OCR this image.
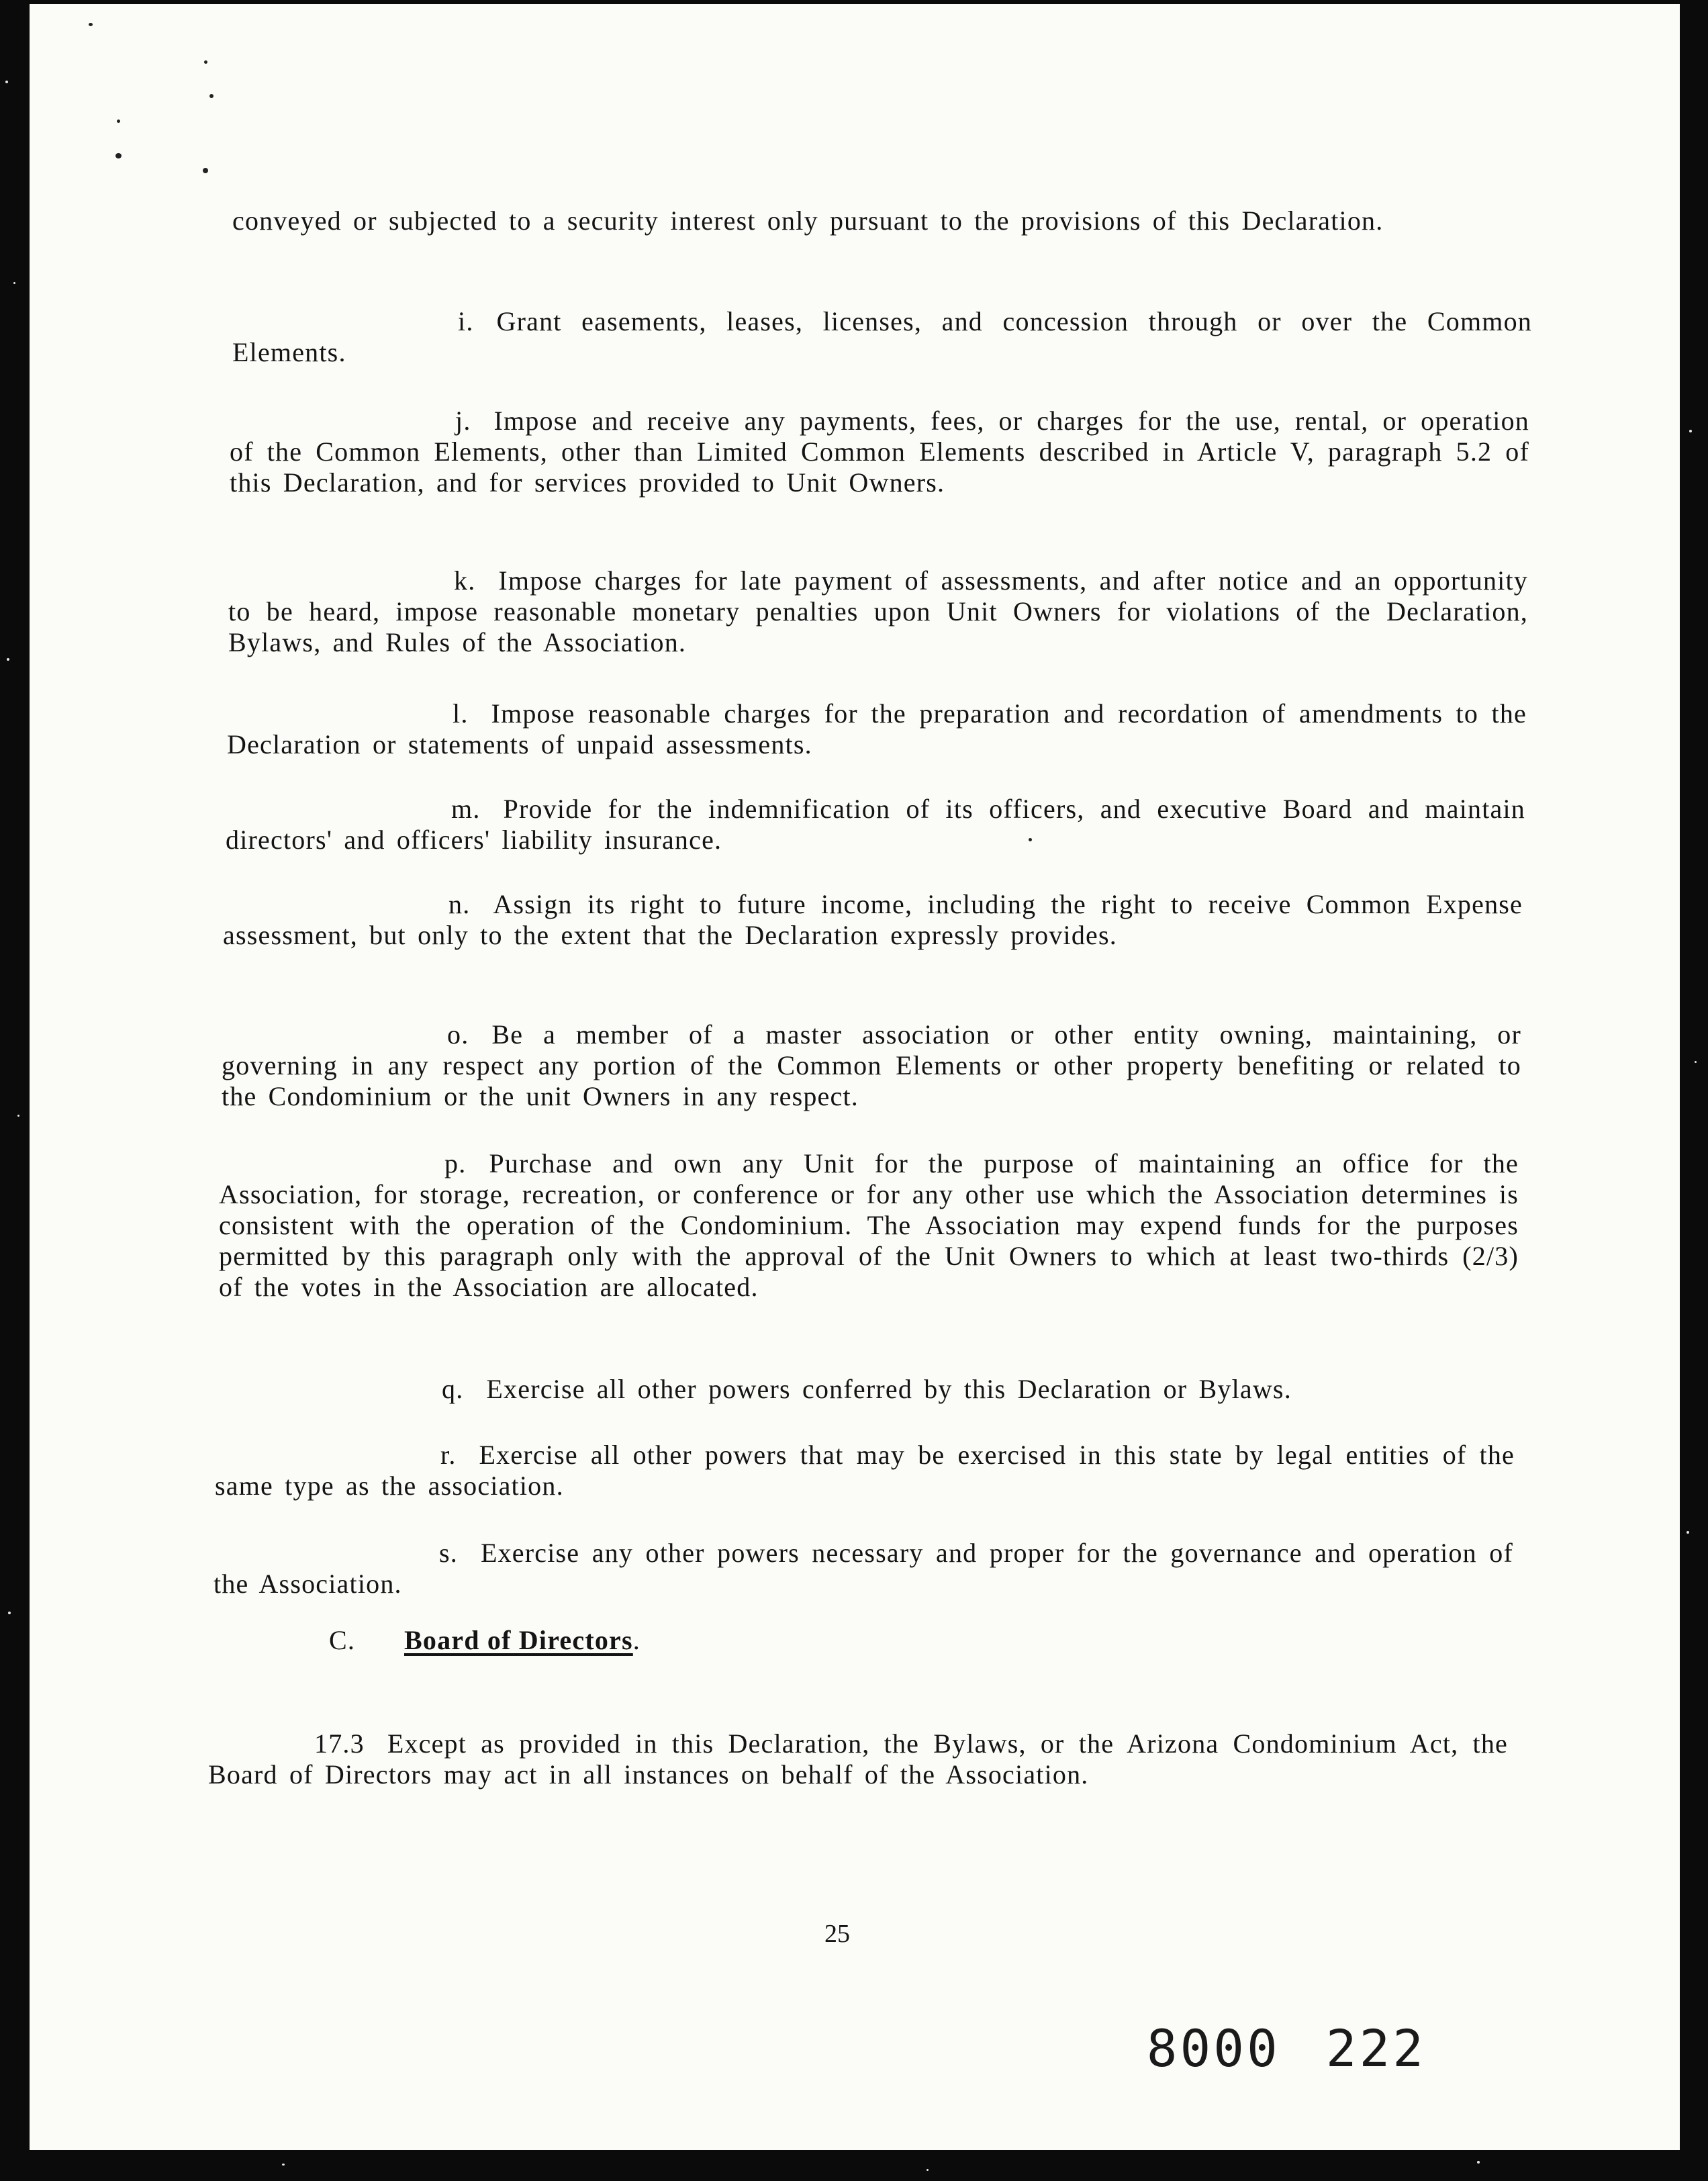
conveyed or subjected to a security interest only pursuant to the provisions of this Declaration.

i. Grant easements, leases, licenses, and concession through or over the Common Elements.

j. Impose and receive any payments, fees, or charges for the use, rental, or operation of the Common Elements, other than Limited Common Elements described in Article V, paragraph 5.2 of this Declaration, and for services provided to Unit Owners.

k. Impose charges for late payment of assessments, and after notice and an opportunity to be heard, impose reasonable monetary penalties upon Unit Owners for violations of the Declaration, Bylaws, and Rules of the Association.

l. Impose reasonable charges for the preparation and recordation of amendments to the Declaration or statements of unpaid assessments.

m. Provide for the indemnification of its officers, and executive Board and maintain directors' and officers' liability insurance.

n. Assign its right to future income, including the right to receive Common Expense assessment, but only to the extent that the Declaration expressly provides.

o. Be a member of a master association or other entity owning, maintaining, or governing in any respect any portion of the Common Elements or other property benefiting or related to the Condominium or the unit Owners in any respect.

p. Purchase and own any Unit for the purpose of maintaining an office for the Association, for storage, recreation, or conference or for any other use which the Association determines is consistent with the operation of the Condominium. The Association may expend funds for the purposes permitted by this paragraph only with the approval of the Unit Owners to which at least two-thirds (2/3) of the votes in the Association are allocated.

q. Exercise all other powers conferred by this Declaration or Bylaws.

r. Exercise all other powers that may be exercised in this state by legal entities of the same type as the association.

s. Exercise any other powers necessary and proper for the governance and operation of the Association.

17.3 Except as provided in this Declaration, the Bylaws, or the Arizona Condominium Act, the Board of Directors may act in all instances on behalf of the Association.

C. Board of Directors.
25
8000 222
